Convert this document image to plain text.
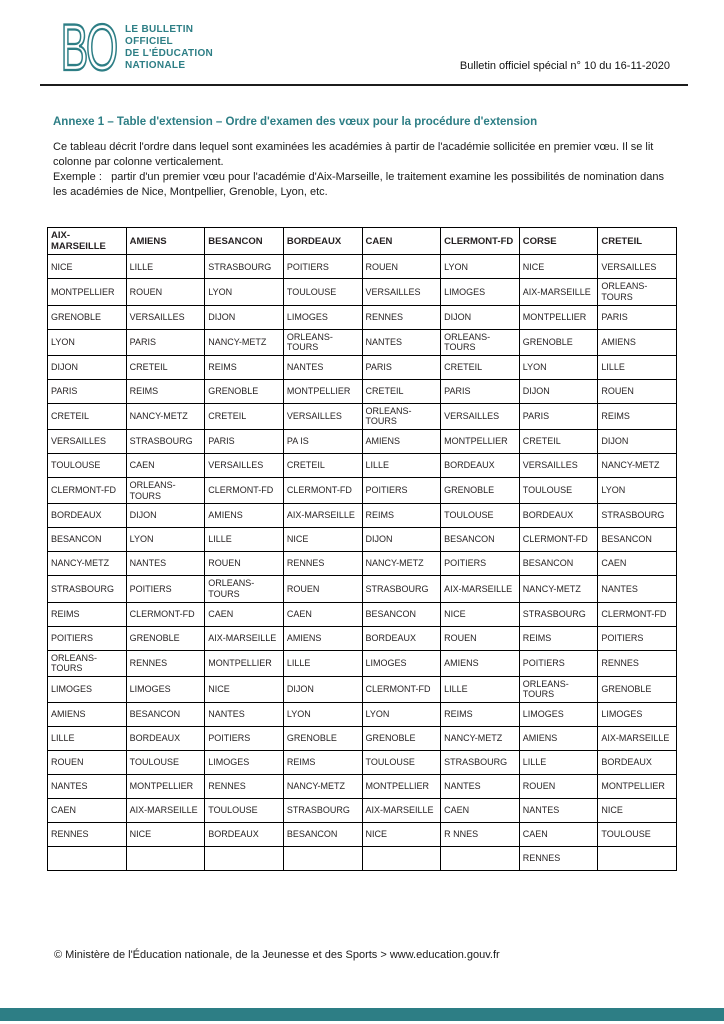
BO LE BULLETIN
OFFICIEL
DE L'ÉDUCATION
NATIONALE	Bulletin officiel spécial n° 10 du 16-11-2020
Annexe 1 – Table d'extension – Ordre d'examen des vœux pour la procédure d'extension

Ce tableau décrit l'ordre dans lequel sont examinées les académies à partir de l'académie sollicitée en premier vœu. Il se lit colonne par colonne verticalement.

Exemple :   partir d'un premier vœu pour l'académie d'Aix-Marseille, le traitement examine les possibilités de nomination dans les académies de Nice, Montpellier, Grenoble, Lyon, etc.

AIX-MARSEILLE	AMIENS	BESANCON	BORDEAUX	CAEN	CLERMONT-FD	CORSE	CRETEIL
NICE	LILLE	STRASBOURG	POITIERS	ROUEN	LYON	NICE	VERSAILLES
MONTPELLIER	ROUEN	LYON	TOULOUSE	VERSAILLES	LIMOGES	AIX-MARSEILLE	ORLEANS-TOURS
GRENOBLE	VERSAILLES	DIJON	LIMOGES	RENNES	DIJON	MONTPELLIER	PARIS
LYON	PARIS	NANCY-METZ	ORLEANS-TOURS	NANTES	ORLEANS-TOURS	GRENOBLE	AMIENS
DIJON	CRETEIL	REIMS	NANTES	PARIS	CRETEIL	LYON	LILLE
PARIS	REIMS	GRENOBLE	MONTPELLIER	CRETEIL	PARIS	DIJON	ROUEN
CRETEIL	NANCY-METZ	CRETEIL	VERSAILLES	ORLEANS-TOURS	VERSAILLES	PARIS	REIMS
VERSAILLES	STRASBOURG	PARIS	PA IS	AMIENS	MONTPELLIER	CRETEIL	DIJON
TOULOUSE	CAEN	VERSAILLES	CRETEIL	LILLE	BORDEAUX	VERSAILLES	NANCY-METZ
CLERMONT-FD	ORLEANS-TOURS	CLERMONT-FD	CLERMONT-FD	POITIERS	GRENOBLE	TOULOUSE	LYON
BORDEAUX	DIJON	AMIENS	AIX-MARSEILLE	REIMS	TOULOUSE	BORDEAUX	STRASBOURG
BESANCON	LYON	LILLE	NICE	DIJON	BESANCON	CLERMONT-FD	BESANCON
NANCY-METZ	NANTES	ROUEN	RENNES	NANCY-METZ	POITIERS	BESANCON	CAEN
STRASBOURG	POITIERS	ORLEANS-TOURS	ROUEN	STRASBOURG	AIX-MARSEILLE	NANCY-METZ	NANTES
REIMS	CLERMONT-FD	CAEN	CAEN	BESANCON	NICE	STRASBOURG	CLERMONT-FD
POITIERS	GRENOBLE	AIX-MARSEILLE	AMIENS	BORDEAUX	ROUEN	REIMS	POITIERS
ORLEANS-TOURS	RENNES	MONTPELLIER	LILLE	LIMOGES	AMIENS	POITIERS	RENNES
LIMOGES	LIMOGES	NICE	DIJON	CLERMONT-FD	LILLE	ORLEANS-TOURS	GRENOBLE
AMIENS	BESANCON	NANTES	LYON	LYON	REIMS	LIMOGES	LIMOGES
LILLE	BORDEAUX	POITIERS	GRENOBLE	GRENOBLE	NANCY-METZ	AMIENS	AIX-MARSEILLE
ROUEN	TOULOUSE	LIMOGES	REIMS	TOULOUSE	STRASBOURG	LILLE	BORDEAUX
NANTES	MONTPELLIER	RENNES	NANCY-METZ	MONTPELLIER	NANTES	ROUEN	MONTPELLIER
CAEN	AIX-MARSEILLE	TOULOUSE	STRASBOURG	AIX-MARSEILLE	CAEN	NANTES	NICE
RENNES	NICE	BORDEAUX	BESANCON	NICE	R NNES	CAEN	TOULOUSE
						RENNES	
© Ministère de l'Éducation nationale, de la Jeunesse et des Sports > www.education.gouv.fr
